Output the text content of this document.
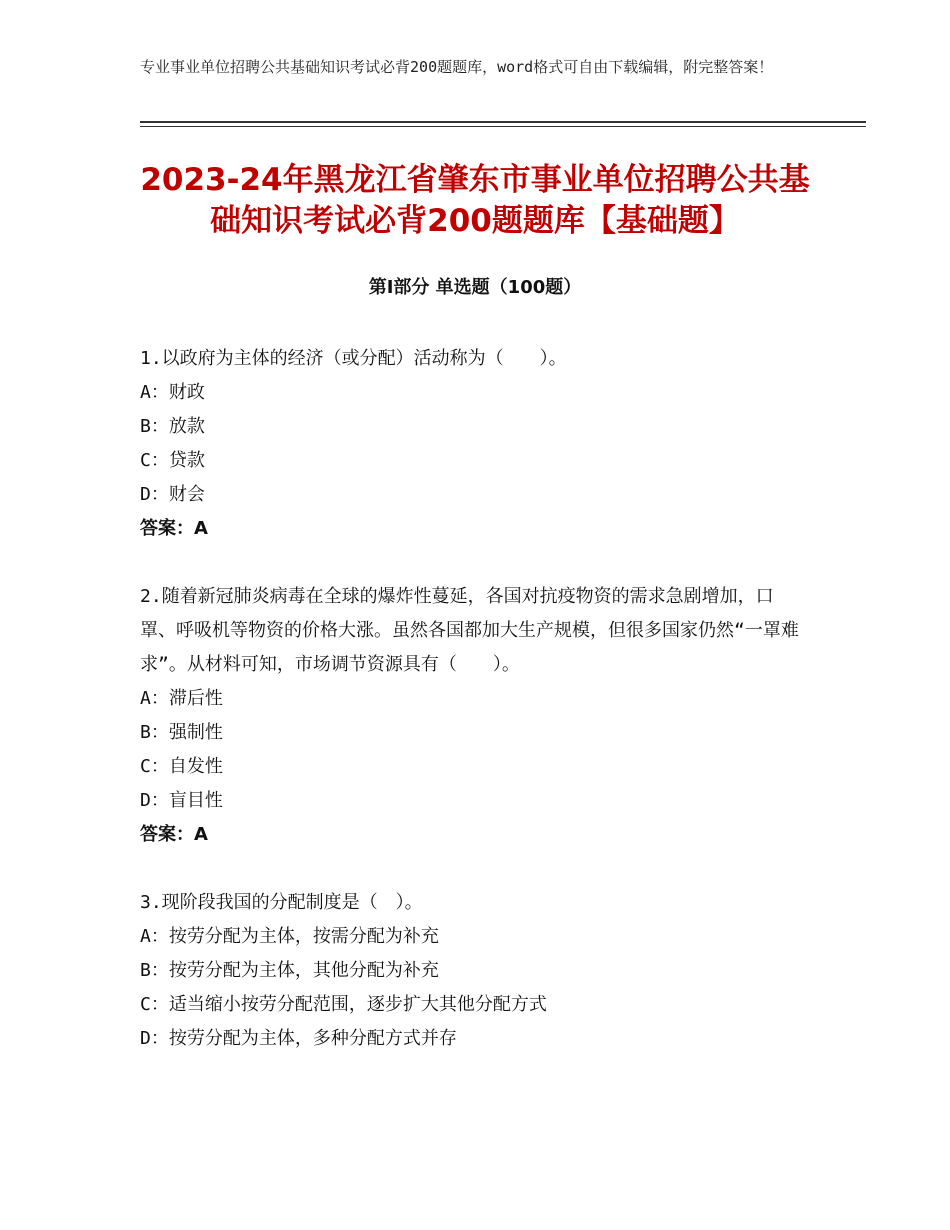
专业事业单位招聘公共基础知识考试必背200题题库，word格式可自由下载编辑，附完整答案！
2023-24年黑龙江省肇东市事业单位招聘公共基础知识考试必背200题题库【基础题】
第Ⅰ部分 单选题（100题）

1.以政府为主体的经济（或分配）活动称为（　　）。

A：财政

B：放款

C：贷款

D：财会

答案：A

2.随着新冠肺炎病毒在全球的爆炸性蔓延，各国对抗疫物资的需求急剧增加，口罩、呼吸机等物资的价格大涨。虽然各国都加大生产规模，但很多国家仍然“一罩难求”。从材料可知，市场调节资源具有（　　）。

A：滞后性

B：强制性

C：自发性

D：盲目性

答案：A

3.现阶段我国的分配制度是（　）。

A：按劳分配为主体，按需分配为补充

B：按劳分配为主体，其他分配为补充

C：适当缩小按劳分配范围，逐步扩大其他分配方式

D：按劳分配为主体，多种分配方式并存
